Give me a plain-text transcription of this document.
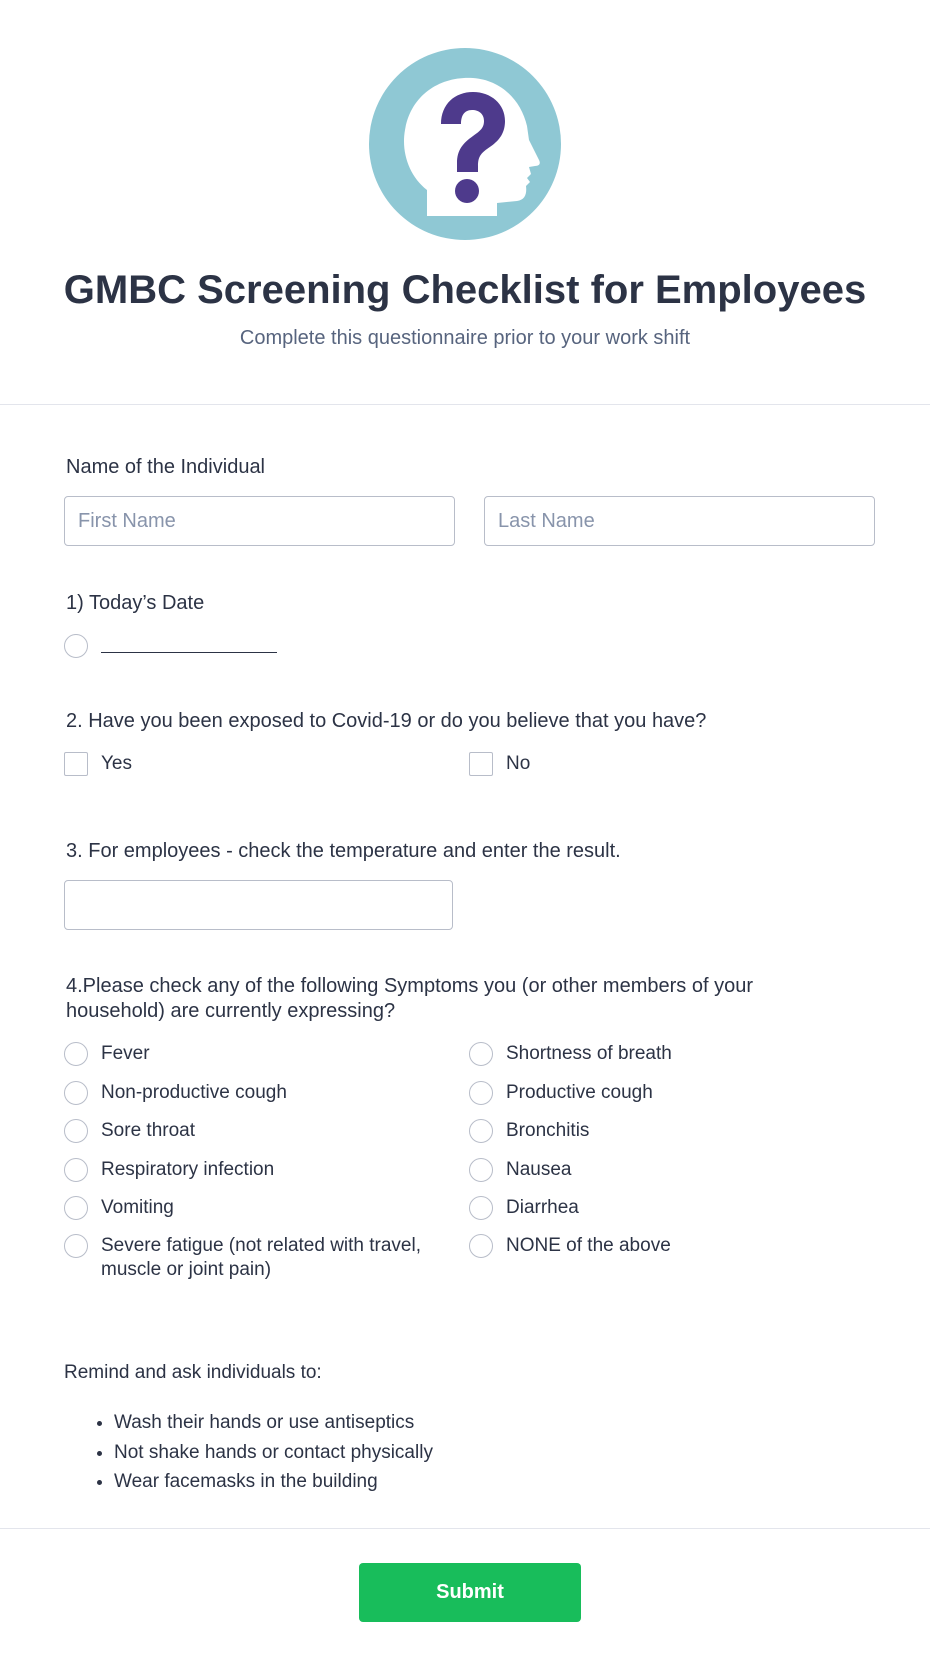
GMBC Screening Checklist for Employees
Complete this questionnaire prior to your work shift
Name of the Individual
First Name
Last Name
1) Today’s Date
2. Have you been exposed to Covid-19 or do you believe that you have?
Yes	No
3. For employees - check the temperature and enter the result.
4.Please check any of the following Symptoms you (or other members of your
household) are currently expressing?
Fever
Non-productive cough
Sore throat
Respiratory infection
Vomiting
Severe fatigue (not related with travel,
muscle or joint pain)
Shortness of breath
Productive cough
Bronchitis
Nausea
Diarrhea
NONE of the above
Remind and ask individuals to:
• Wash their hands or use antiseptics
• Not shake hands or contact physically
• Wear facemasks in the building
Submit
